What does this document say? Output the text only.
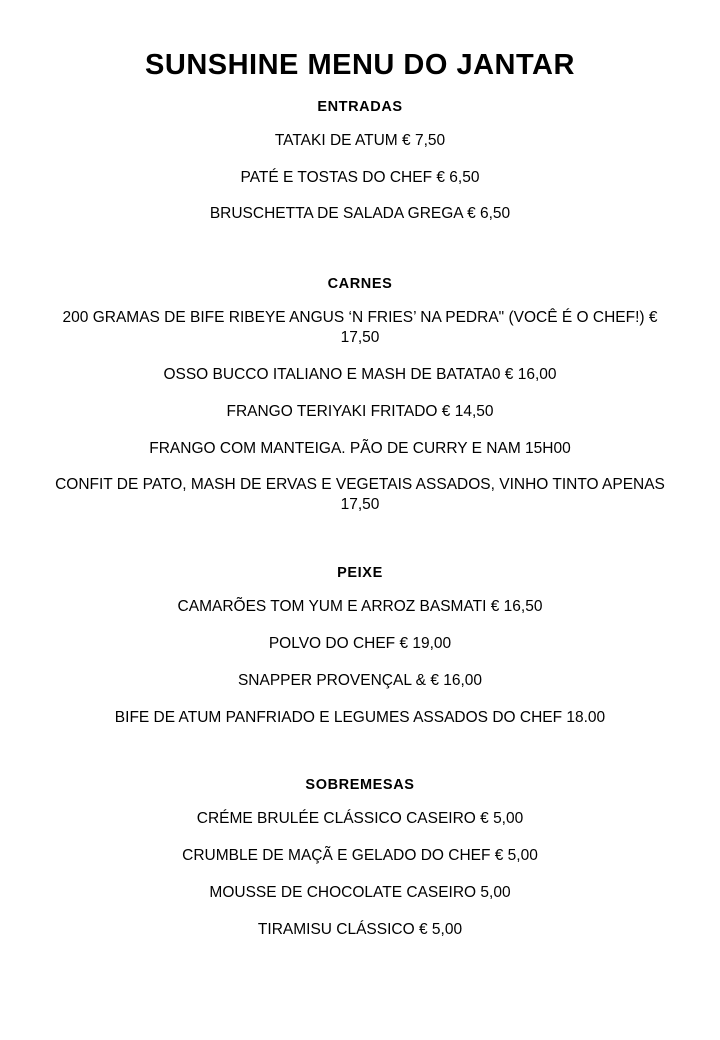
SUNSHINE MENU DO JANTAR
ENTRADAS
TATAKI DE ATUM € 7,50
PATÉ E TOSTAS DO CHEF € 6,50
BRUSCHETTA DE SALADA GREGA € 6,50
CARNES
200 GRAMAS DE BIFE RIBEYE ANGUS ‘N FRIES’ NA PEDRA" (VOCÊ É O CHEF!) € 17,50
OSSO BUCCO ITALIANO E MASH DE BATATA0 € 16,00
FRANGO TERIYAKI FRITADO € 14,50
FRANGO COM MANTEIGA. PÃO DE CURRY E NAM 15H00
CONFIT DE PATO, MASH DE ERVAS E VEGETAIS ASSADOS, VINHO TINTO APENAS 17,50
PEIXE
CAMARÕES TOM YUM E ARROZ BASMATI € 16,50
POLVO DO CHEF € 19,00
SNAPPER PROVENÇAL & € 16,00
BIFE DE ATUM PANFRIADO E LEGUMES ASSADOS DO CHEF 18.00
SOBREMESAS
CRÉME BRULÉE CLÁSSICO CASEIRO € 5,00
CRUMBLE DE MAÇÃ E GELADO DO CHEF € 5,00
MOUSSE DE CHOCOLATE CASEIRO 5,00
TIRAMISU CLÁSSICO € 5,00
